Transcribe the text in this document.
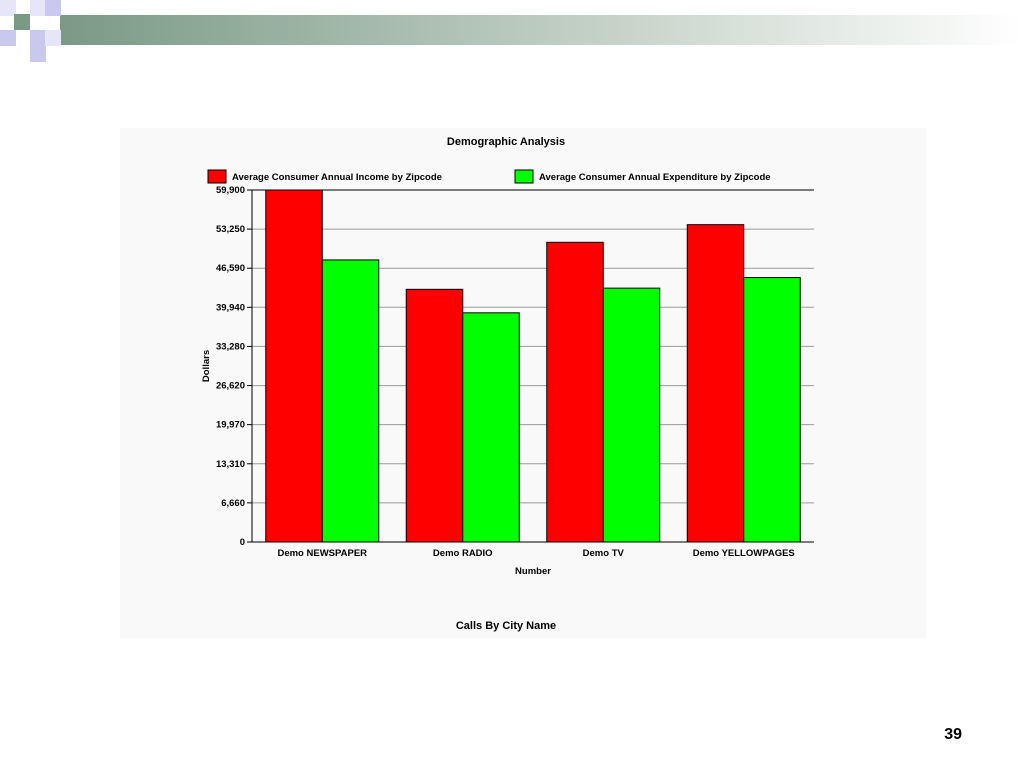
Demographic Analysis
Average Consumer Annual Income by Zipcode	Average Consumer Annual Expenditure by Zipcode
0
6,660
13,310
19,970
26,620
33,280
39,940
46,590
53,250
59,900
Demo NEWSPAPER	Demo RADIO	Demo TV	Demo YELLOWPAGES
Dollars
Number
Calls By City Name
39
